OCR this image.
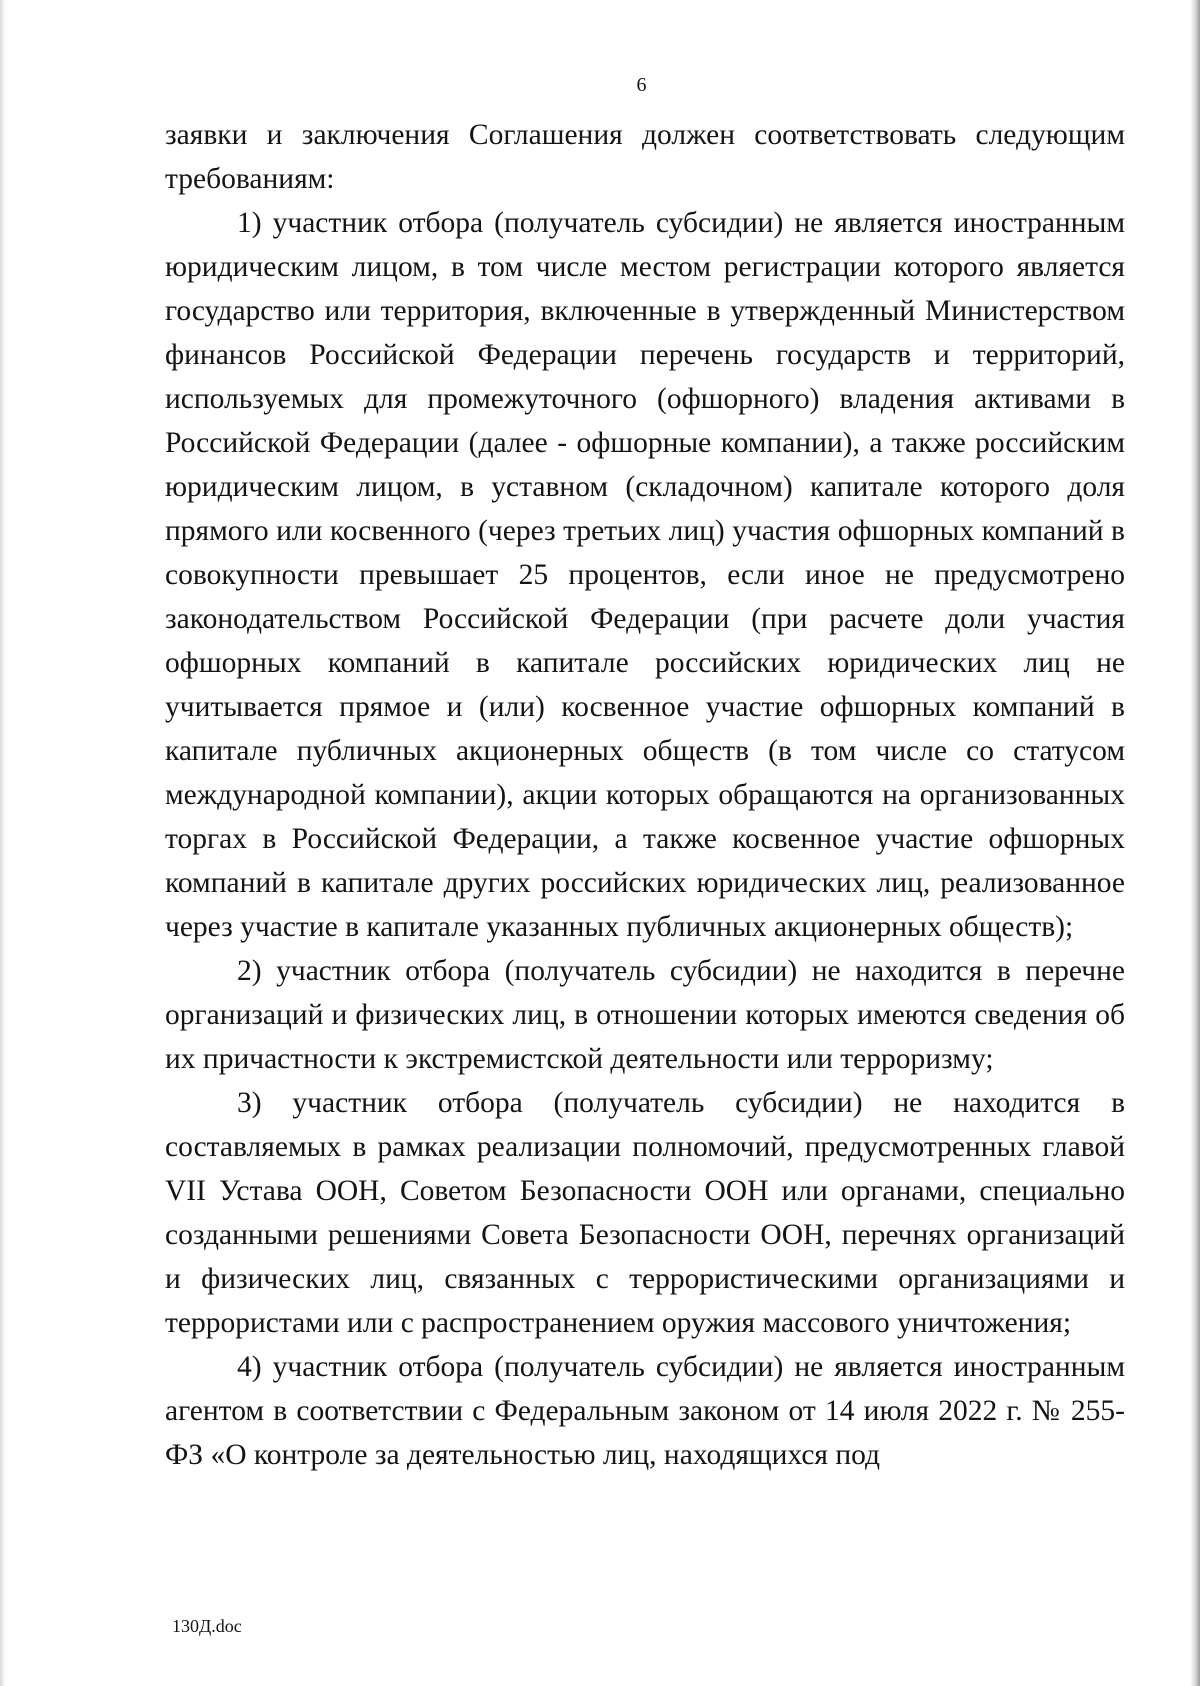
6

заявки и заключения Соглашения должен соответствовать следующим требованиям:

1) участник отбора (получатель субсидии) не является иностранным юридическим лицом, в том числе местом регистрации которого является государство или территория, включенные в утвержденный Министерством финансов Российской Федерации перечень государств и территорий, используемых для промежуточного (офшорного) владения активами в Российской Федерации (далее - офшорные компании), а также российским юридическим лицом, в уставном (складочном) капитале которого доля прямого или косвенного (через третьих лиц) участия офшорных компаний в совокупности превышает 25 процентов, если иное не предусмотрено законодательством Российской Федерации (при расчете доли участия офшорных компаний в капитале российских юридических лиц не учитывается прямое и (или) косвенное участие офшорных компаний в капитале публичных акционерных обществ (в том числе со статусом международной компании), акции которых обращаются на организованных торгах в Российской Федерации, а также косвенное участие офшорных компаний в капитале других российских юридических лиц, реализованное через участие в капитале указанных публичных акционерных обществ);

2) участник отбора (получатель субсидии) не находится в перечне организаций и физических лиц, в отношении которых имеются сведения об их причастности к экстремистской деятельности или терроризму;

3) участник отбора (получатель субсидии) не находится в составляемых в рамках реализации полномочий, предусмотренных главой VII Устава ООН, Советом Безопасности ООН или органами, специально созданными решениями Совета Безопасности ООН, перечнях организаций и физических лиц, связанных с террористическими организациями и террористами или с распространением оружия массового уничтожения;

4) участник отбора (получатель субсидии) не является иностранным агентом в соответствии с Федеральным законом от 14 июля 2022 г. № 255-ФЗ «О контроле за деятельностью лиц, находящихся под

130Д.doc
